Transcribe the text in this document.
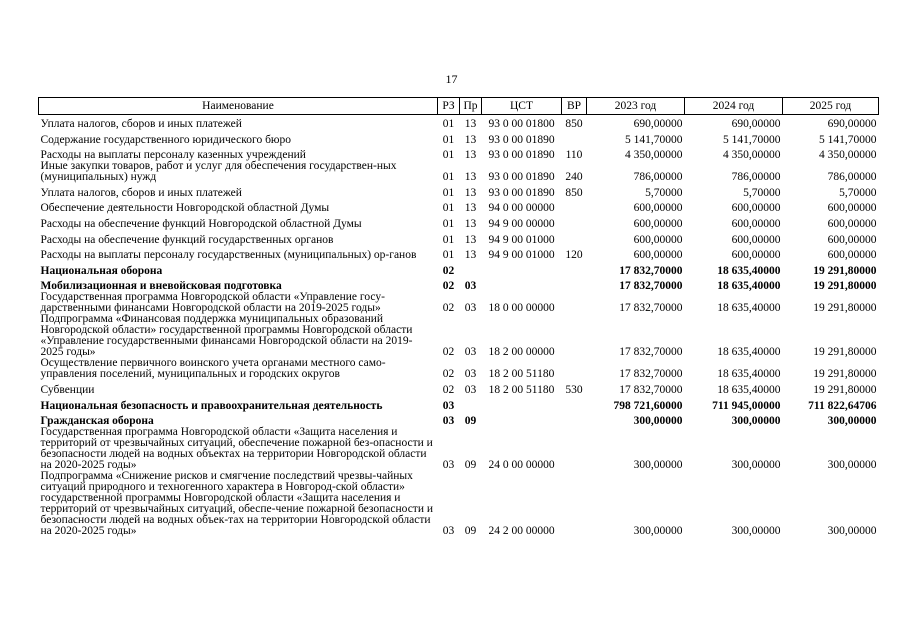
17
Наименование	РЗ	Пр	ЦСТ	ВР	2023 год	2024 год	2025 год
Уплата налогов, сборов и иных платежей	01	13	93 0 00 01800	850	690,00000	690,00000	690,00000
Содержание государственного юридического бюро	01	13	93 0 00 01890		5 141,70000	5 141,70000	5 141,70000
Расходы на выплаты персоналу казенных учреждений	01	13	93 0 00 01890	110	4 350,00000	4 350,00000	4 350,00000
Иные закупки товаров, работ и услуг для обеспечения государствен-ных (муниципальных) нужд	01	13	93 0 00 01890	240	786,00000	786,00000	786,00000
Уплата налогов, сборов и иных платежей	01	13	93 0 00 01890	850	5,70000	5,70000	5,70000
Обеспечение деятельности Новгородской областной Думы	01	13	94 0 00 00000		600,00000	600,00000	600,00000
Расходы на обеспечение функций Новгородской областной Думы	01	13	94 9 00 00000		600,00000	600,00000	600,00000
Расходы на обеспечение функций государственных органов	01	13	94 9 00 01000		600,00000	600,00000	600,00000
Расходы на выплаты персоналу государственных (муниципальных) ор-ганов	01	13	94 9 00 01000	120	600,00000	600,00000	600,00000
Национальная оборона	02				17 832,70000	18 635,40000	19 291,80000
Мобилизационная и вневойсковая подготовка	02	03			17 832,70000	18 635,40000	19 291,80000
Государственная программа Новгородской области «Управление госу-дарственными финансами Новгородской области на 2019-2025 годы»	02	03	18 0 00 00000		17 832,70000	18 635,40000	19 291,80000
Подпрограмма «Финансовая поддержка муниципальных образований Новгородской области» государственной программы Новгородской области «Управление государственными финансами Новгородской области на 2019-2025 годы»	02	03	18 2 00 00000		17 832,70000	18 635,40000	19 291,80000
Осуществление первичного воинского учета органами местного само-управления поселений, муниципальных и городских округов	02	03	18 2 00 51180		17 832,70000	18 635,40000	19 291,80000
Субвенции	02	03	18 2 00 51180	530	17 832,70000	18 635,40000	19 291,80000
Национальная безопасность и правоохранительная деятельность	03				798 721,60000	711 945,00000	711 822,64706
Гражданская оборона	03	09			300,00000	300,00000	300,00000
Государственная программа Новгородской области «Защита населения и территорий от чрезвычайных ситуаций, обеспечение пожарной без-опасности и безопасности людей на водных объектах на территории Новгородской области на 2020-2025 годы»	03	09	24 0 00 00000		300,00000	300,00000	300,00000
Подпрограмма «Снижение рисков и смягчение последствий чрезвы-чайных ситуаций природного и техногенного характера в Новгород-ской области» государственной программы Новгородской области «Защита населения и территорий от чрезвычайных ситуаций, обеспе-чение пожарной безопасности и безопасности людей на водных объек-тах на территории Новгородской области на 2020-2025 годы»	03	09	24 2 00 00000		300,00000	300,00000	300,00000
